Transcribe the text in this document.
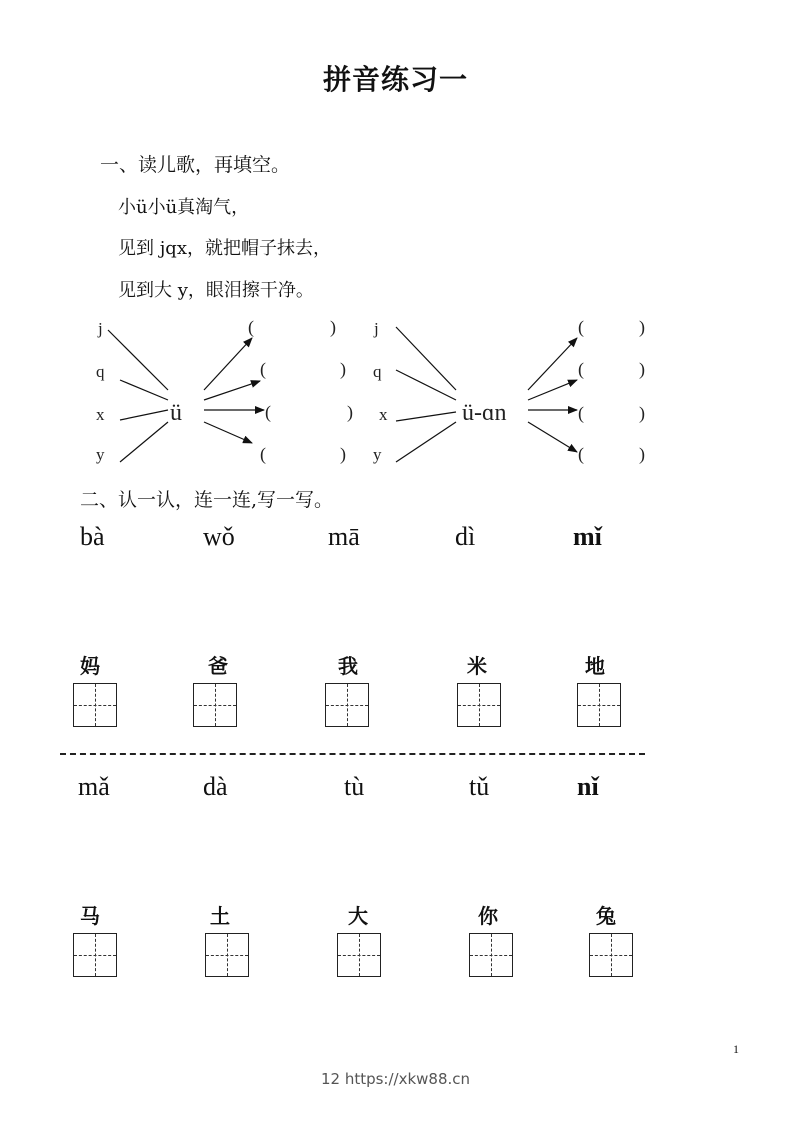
拼音练习一
一、读儿歌，再填空。
小ü小ü真淘气，
见到 jqx，就把帽子抹去，
见到大 y，眼泪擦干净。
j
q
x
y
ü
(	)
(	)
(	)
(	)
j
q
x
y
ü-ɑn
(	)
(	)
(	)
(	)
二、认一认，连一连,写一写。
bà	wǒ	mā	dì	mǐ
妈	爸	我	米	地
mǎ	dà	tù	tǔ	nǐ
马	土	大	你	兔
1
12 https://xkw88.cn
